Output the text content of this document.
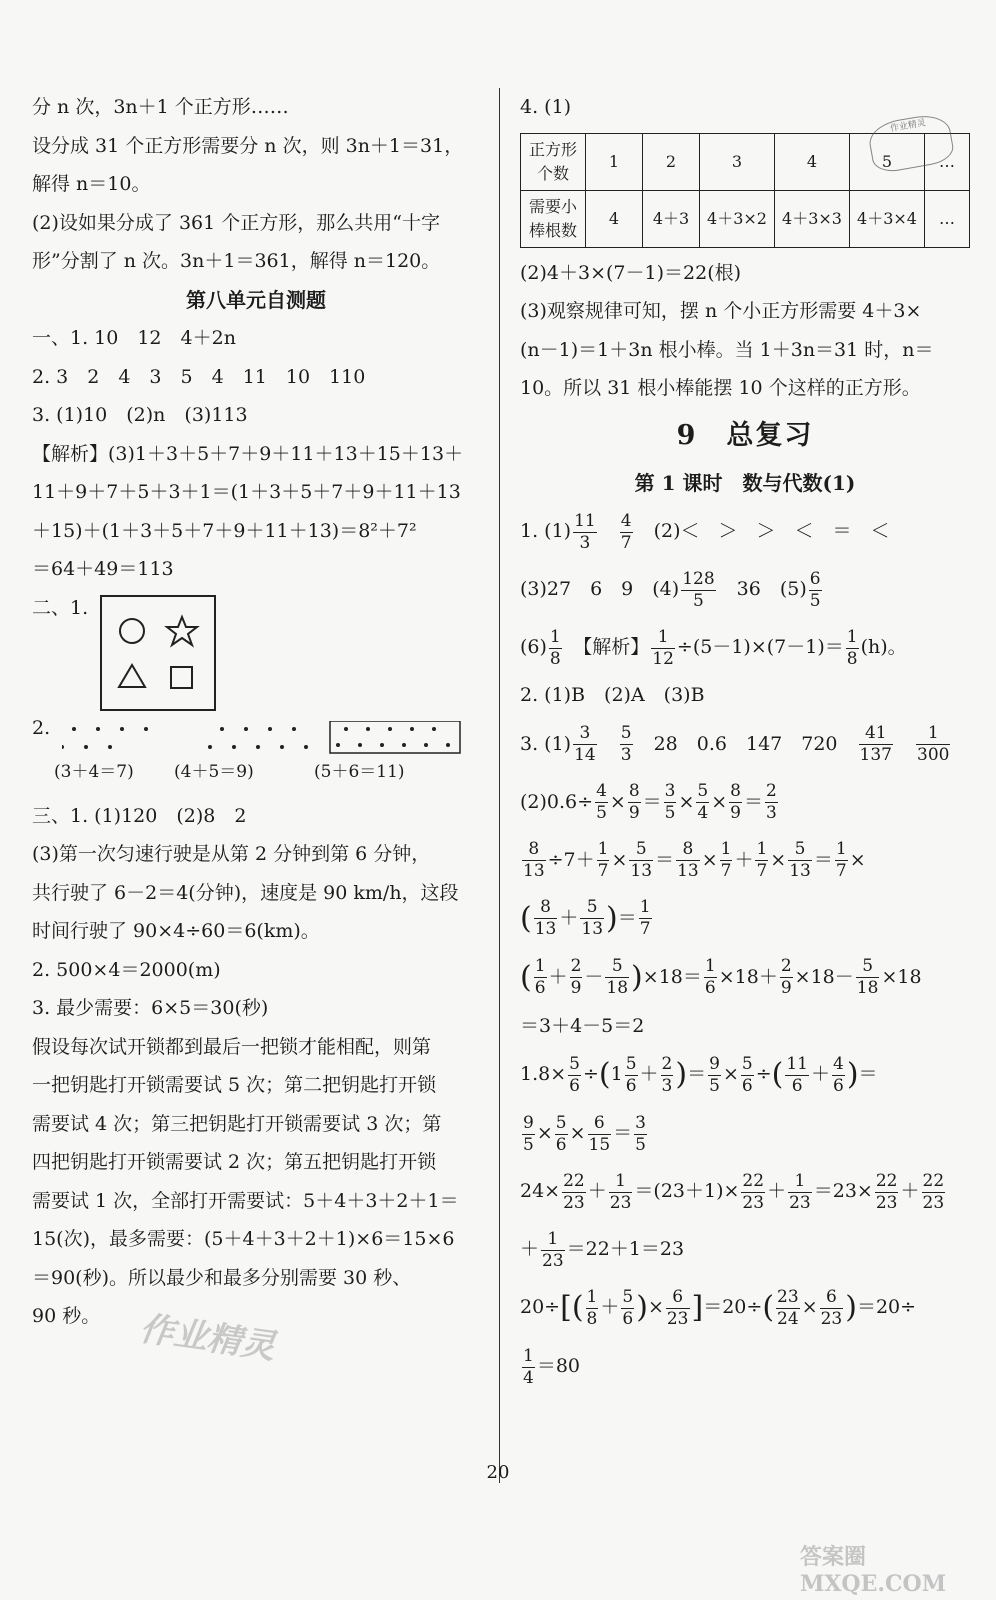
分 n 次，3n＋1 个正方形……
设分成 31 个正方形需要分 n 次，则 3n＋1＝31，
解得 n＝10。
(2)设如果分成了 361 个正方形，那么共用“十字
形”分割了 n 次。3n＋1＝361，解得 n＝120。
第八单元自测题
一、1. 10　12　4＋2n
2. 3　2　4　3　5　4　11　10　110
3. (1)10　(2)n　(3)113
【解析】(3)1＋3＋5＋7＋9＋11＋13＋15＋13＋
11＋9＋7＋5＋3＋1＝(1＋3＋5＋7＋9＋11＋13
＋15)＋(1＋3＋5＋7＋9＋11＋13)＝8²＋7²
＝64＋49＝113
二、1.
2.
(3＋4＝7) (4＋5＝9)	(5＋6＝11)
三、1. (1)120　(2)8　2
(3)第一次匀速行驶是从第 2 分钟到第 6 分钟，
共行驶了 6－2＝4(分钟)，速度是 90 km/h，这段
时间行驶了 90×4÷60＝6(km)。
2. 500×4＝2000(m)
3. 最少需要：6×5＝30(秒)
假设每次试开锁都到最后一把锁才能相配，则第
一把钥匙打开锁需要试 5 次；第二把钥匙打开锁
需要试 4 次；第三把钥匙打开锁需要试 3 次；第
四把钥匙打开锁需要试 2 次；第五把钥匙打开锁
需要试 1 次，全部打开需要试：5＋4＋3＋2＋1＝
15(次)，最多需要：(5＋4＋3＋2＋1)×6＝15×6
＝90(秒)。所以最少和最多分别需要 30 秒、
90 秒。	作业精灵
4. (1)
正方形个数	1	2	3	4	5	…
需要小棒根数	4	4＋3	4＋3×2	4＋3×3	4＋3×4	…
(2)4＋3×(7－1)＝22(根)
(3)观察规律可知，摆 n 个小正方形需要 4＋3×
(n－1)＝1＋3n 根小棒。当 1＋3n＝31 时，n＝
10。所以 31 根小棒能摆 10 个这样的正方形。
9　总复习
第 1 课时　数与代数(1)
1. $(1) \frac{11}{3}$
　 $\frac{4}{7}$
　 (2)＜　＞　＞　＜　＝　＜
(3)27　6　9　$(4) \frac{128}{5}$
　 36　$(5) \frac{6}{5}$
$(6) \frac{1}{8}$
　 【解析】 $\frac{1}{12} \div(5-1)\times(7-1)= \frac{1}{8} (h)$。
2. (1)B　(2)A　(3)B
3. $(1) \frac{3}{14}$
　 $\frac{5}{3}$
　 28　0.6　147　720　 $\frac{41}{137}$
　 $\frac{1}{300}$
$(2)0.6\div \frac{4}{5} \times \frac{8}{9} = \frac{3}{5} \times \frac{5}{4} \times \frac{8}{9} = \frac{2}{3}$
$\frac{8}{13} \div 7+ \frac{1}{7} \times \frac{5}{13} = \frac{8}{13} \times \frac{1}{7} + \frac{1}{7} \times \frac{5}{13} = \frac{1}{7}$ ×
( $\frac{8}{13} + \frac{5}{13}$ )＝ $\frac{1}{7}$
( $\frac{1}{6} + \frac{2}{9} - \frac{5}{18} )\times 18= \frac{1}{6} \times 18+ \frac{2}{9} \times 18- \frac{5}{18} \times 18$
＝3＋4－5＝2
$1.8\times \frac{5}{6} \div(1 \frac{5}{6} + \frac{2}{3}$ )＝ $\frac{9}{5} \times \frac{5}{6}$ ÷( $\frac{11}{6} + \frac{4}{6}$ )＝
$\frac{9}{5} \times \frac{5}{6} \times \frac{6}{15} = \frac{3}{5}$
$24\times \frac{22}{23} + \frac{1}{23} =(23+1)\times \frac{22}{23} + \frac{1}{23} =23\times \frac{22}{23} + \frac{22}{23}$
＋ $\frac{1}{23} =22+1=23$
$20\div[( \frac{1}{8} + \frac{5}{6}$ )× $\frac{6}{23} ]=20\div( \frac{23}{24} \times \frac{6}{23} )=20\div$
$\frac{1}{4} =80$
作业精灵
20
答案圈 MXQE.COM
